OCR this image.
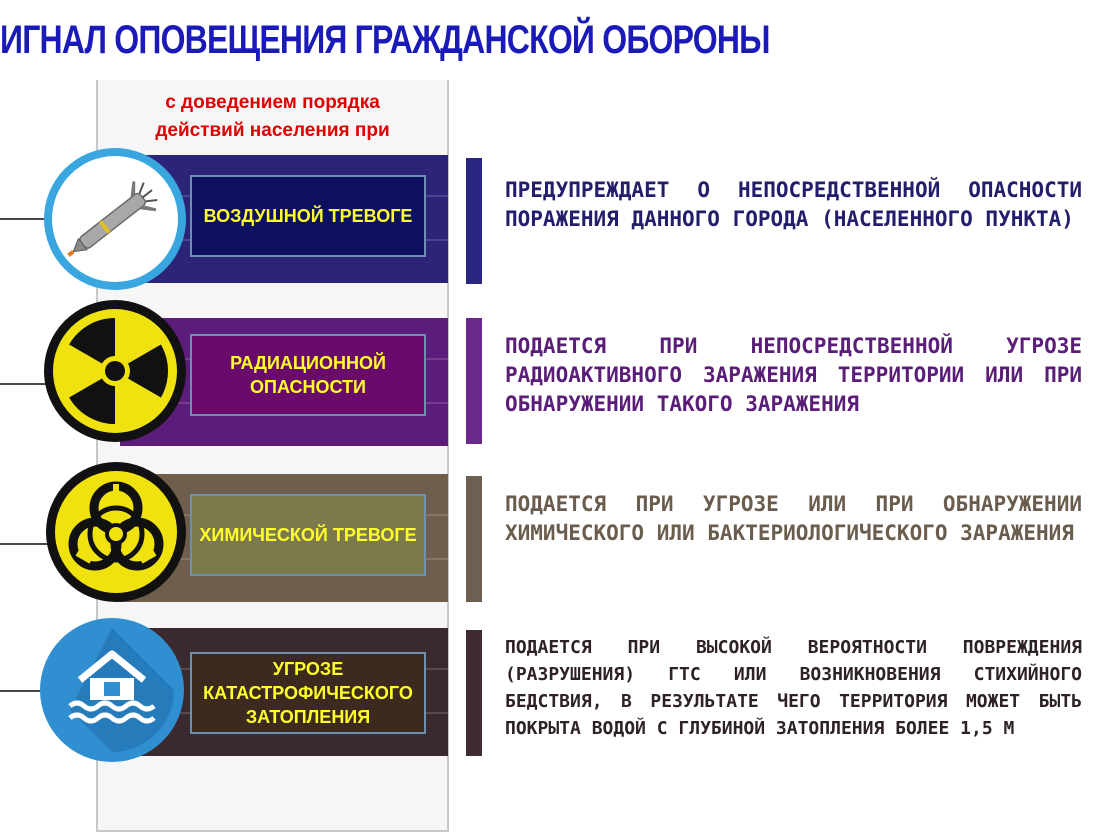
ИГНАЛ ОПОВЕЩЕНИЯ ГРАЖДАНСКОЙ ОБОРОНЫ
с доведением порядка действий населения при
ВОЗДУШНОЙ ТРЕВОГЕ
ПРЕДУПРЕЖДАЕТ О НЕПОСРЕДСТВЕННОЙ ОПАСНОСТИ ПОРАЖЕНИЯ ДАННОГО ГОРОДА (НАСЕЛЕННОГО ПУНКТА)
РАДИАЦИОННОЙ ОПАСНОСТИ
ПОДАЕТСЯ ПРИ НЕПОСРЕДСТВЕННОЙ УГРОЗЕ РАДИОАКТИВНОГО ЗАРАЖЕНИЯ ТЕРРИТОРИИ ИЛИ ПРИ ОБНАРУЖЕНИИ ТАКОГО ЗАРАЖЕНИЯ
ХИМИЧЕСКОЙ ТРЕВОГЕ
ПОДАЕТСЯ ПРИ УГРОЗЕ ИЛИ ПРИ ОБНАРУЖЕНИИ ХИМИЧЕСКОГО ИЛИ БАКТЕРИОЛОГИЧЕСКОГО ЗАРАЖЕНИЯ
УГРОЗЕ КАТАСТРОФИЧЕСКОГО ЗАТОПЛЕНИЯ
ПОДАЕТСЯ ПРИ ВЫСОКОЙ ВЕРОЯТНОСТИ ПОВРЕЖДЕНИЯ (РАЗРУШЕНИЯ) ГТС ИЛИ ВОЗНИКНОВЕНИЯ СТИХИЙНОГО БЕДСТВИЯ, В РЕЗУЛЬТАТЕ ЧЕГО ТЕРРИТОРИЯ МОЖЕТ БЫТЬ ПОКРЫТА ВОДОЙ С ГЛУБИНОЙ ЗАТОПЛЕНИЯ БОЛЕЕ 1,5 М
